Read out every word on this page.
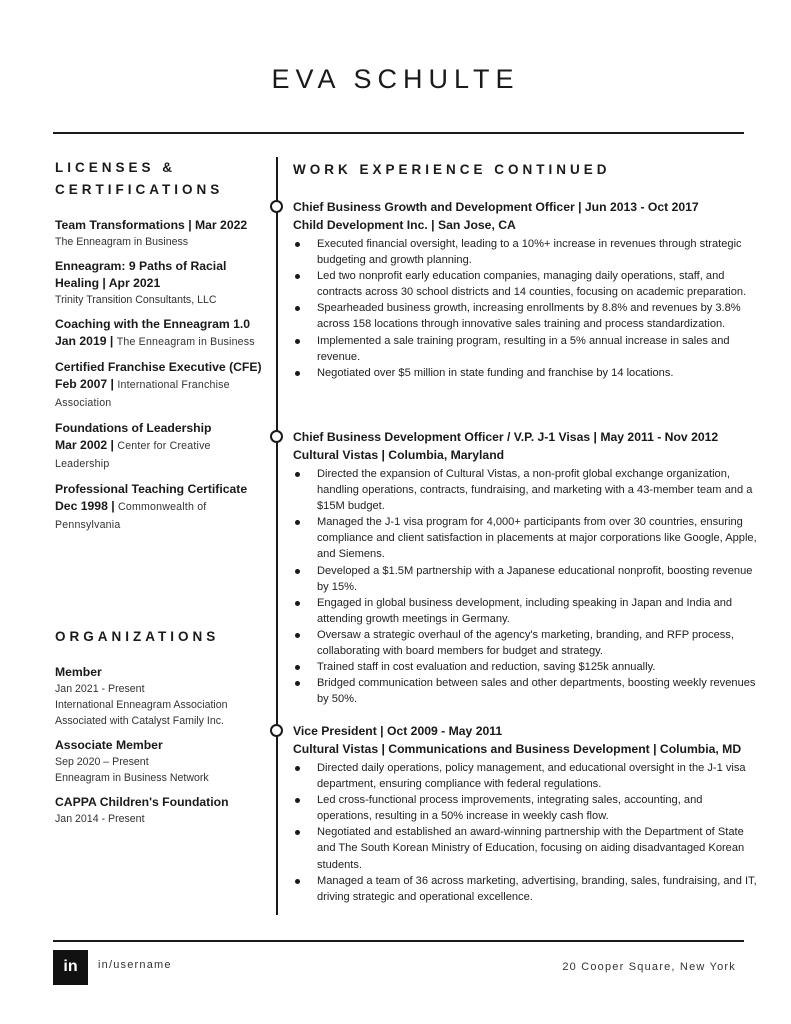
EVA SCHULTE
LICENSES &
CERTIFICATIONS
Team Transformations | Mar 2022
The Enneagram in Business
Enneagram: 9 Paths of Racial
Healing | Apr 2021
Trinity Transition Consultants, LLC
Coaching with the Enneagram 1.0
Jan 2019 | The Enneagram in Business
Certified Franchise Executive (CFE)
Feb 2007 | International Franchise Association
Foundations of Leadership
Mar 2002 | Center for Creative Leadership
Professional Teaching Certificate
Dec 1998 | Commonwealth of Pennsylvania
ORGANIZATIONS
Member
Jan 2021 - Present
International Enneagram Association
Associated with Catalyst Family Inc.
Associate Member
Sep 2020 – Present
Enneagram in Business Network
CAPPA Children's Foundation
Jan 2014 - Present
WORK EXPERIENCE CONTINUED
Chief Business Growth and Development Officer | Jun 2013 - Oct 2017
Child Development Inc. | San Jose, CA
Executed financial oversight, leading to a 10%+ increase in revenues through strategic budgeting and growth planning.
Led two nonprofit early education companies, managing daily operations, staff, and contracts across 30 school districts and 14 counties, focusing on academic preparation.
Spearheaded business growth, increasing enrollments by 8.8% and revenues by 3.8% across 158 locations through innovative sales training and process standardization.
Implemented a sale training program, resulting in a 5% annual increase in sales and revenue.
Negotiated over $5 million in state funding and franchise by 14 locations.
Chief Business Development Officer / V.P. J-1 Visas | May 2011 - Nov 2012
Cultural Vistas | Columbia, Maryland
Directed the expansion of Cultural Vistas, a non-profit global exchange organization, handling operations, contracts, fundraising, and marketing with a 43-member team and a $15M budget.
Managed the J-1 visa program for 4,000+ participants from over 30 countries, ensuring compliance and client satisfaction in placements at major corporations like Google, Apple, and Siemens.
Developed a $1.5M partnership with a Japanese educational nonprofit, boosting revenue by 15%.
Engaged in global business development, including speaking in Japan and India and attending growth meetings in Germany.
Oversaw a strategic overhaul of the agency's marketing, branding, and RFP process, collaborating with board members for budget and strategy.
Trained staff in cost evaluation and reduction, saving $125k annually.
Bridged communication between sales and other departments, boosting weekly revenues by 50%.
Vice President | Oct 2009 - May 2011
Cultural Vistas | Communications and Business Development | Columbia, MD
Directed daily operations, policy management, and educational oversight in the J-1 visa department, ensuring compliance with federal regulations.
Led cross-functional process improvements, integrating sales, accounting, and operations, resulting in a 50% increase in weekly cash flow.
Negotiated and established an award-winning partnership with the Department of State and The South Korean Ministry of Education, focusing on aiding disadvantaged Korean students.
Managed a team of 36 across marketing, advertising, branding, sales, fundraising, and IT, driving strategic and operational excellence.
in	in/username	20 Cooper Square, New York
